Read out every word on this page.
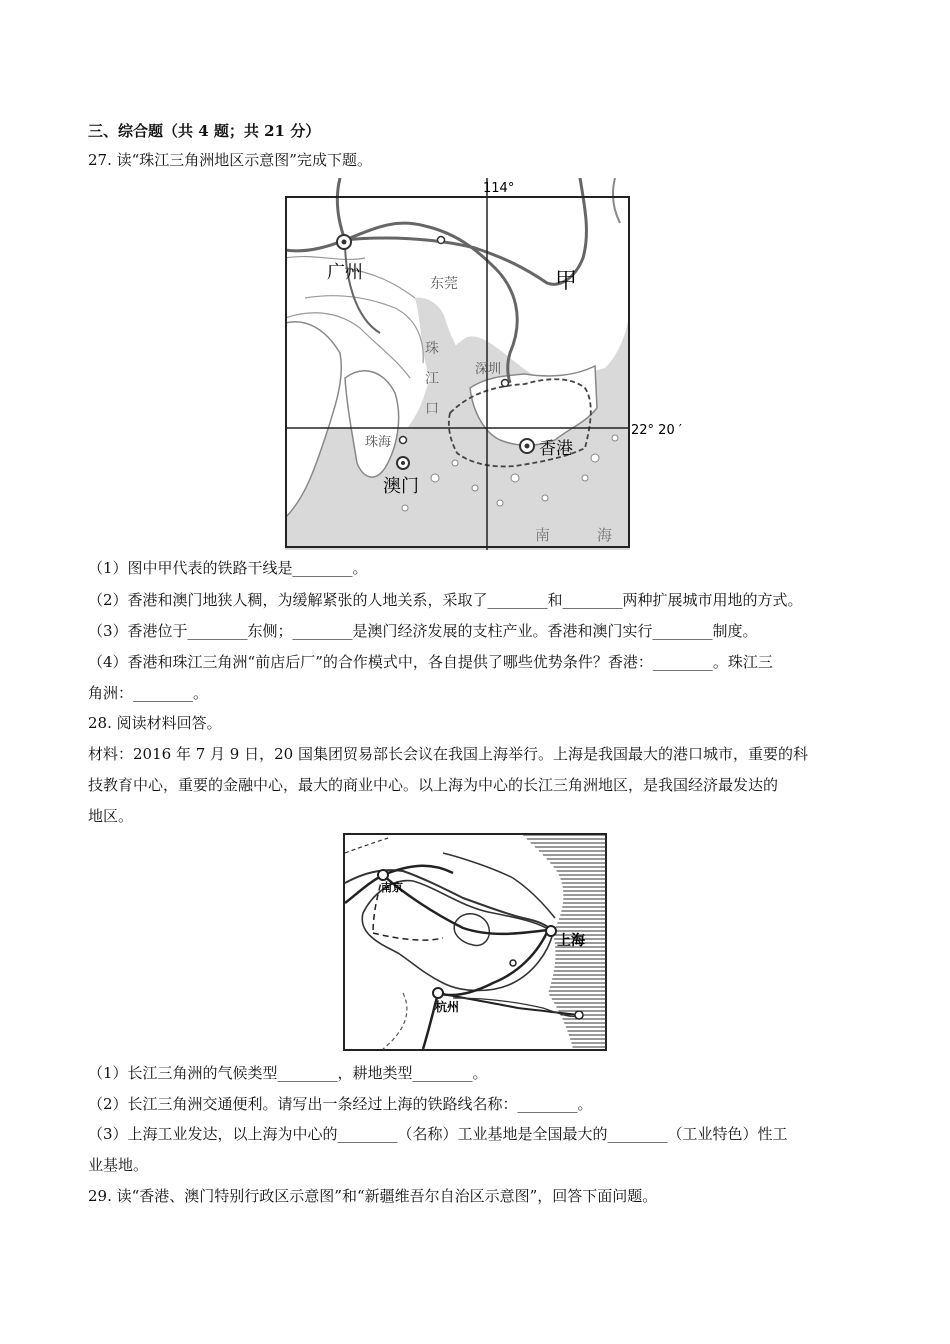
三、综合题（共 4 题；共 21 分）
27. 读“珠江三角洲地区示意图”完成下题。
114°
22° 20 ′
广州
东莞	甲
珠
江
口
深圳
香港
珠海
澳门
南	海
（1）图中甲代表的铁路干线是________。
（2）香港和澳门地狭人稠，为缓解紧张的人地关系，采取了________和________两种扩展城市用地的方式。
（3）香港位于________东侧；________是澳门经济发展的支柱产业。香港和澳门实行________制度。
（4）香港和珠江三角洲“前店后厂”的合作模式中，各自提供了哪些优势条件？香港：________。珠江三
角洲：________。
28. 阅读材料回答。
材料：2016 年 7 月 9 日，20 国集团贸易部长会议在我国上海举行。上海是我国最大的港口城市，重要的科
技教育中心，重要的金融中心，最大的商业中心。以上海为中心的长江三角洲地区，是我国经济最发达的
地区。
南京
上海
杭州
（1）长江三角洲的气候类型________，耕地类型________。
（2）长江三角洲交通便利。请写出一条经过上海的铁路线名称：________。
（3）上海工业发达，以上海为中心的________（名称）工业基地是全国最大的________（工业特色）性工
业基地。
29. 读“香港、澳门特别行政区示意图”和“新疆维吾尔自治区示意图”，回答下面问题。
